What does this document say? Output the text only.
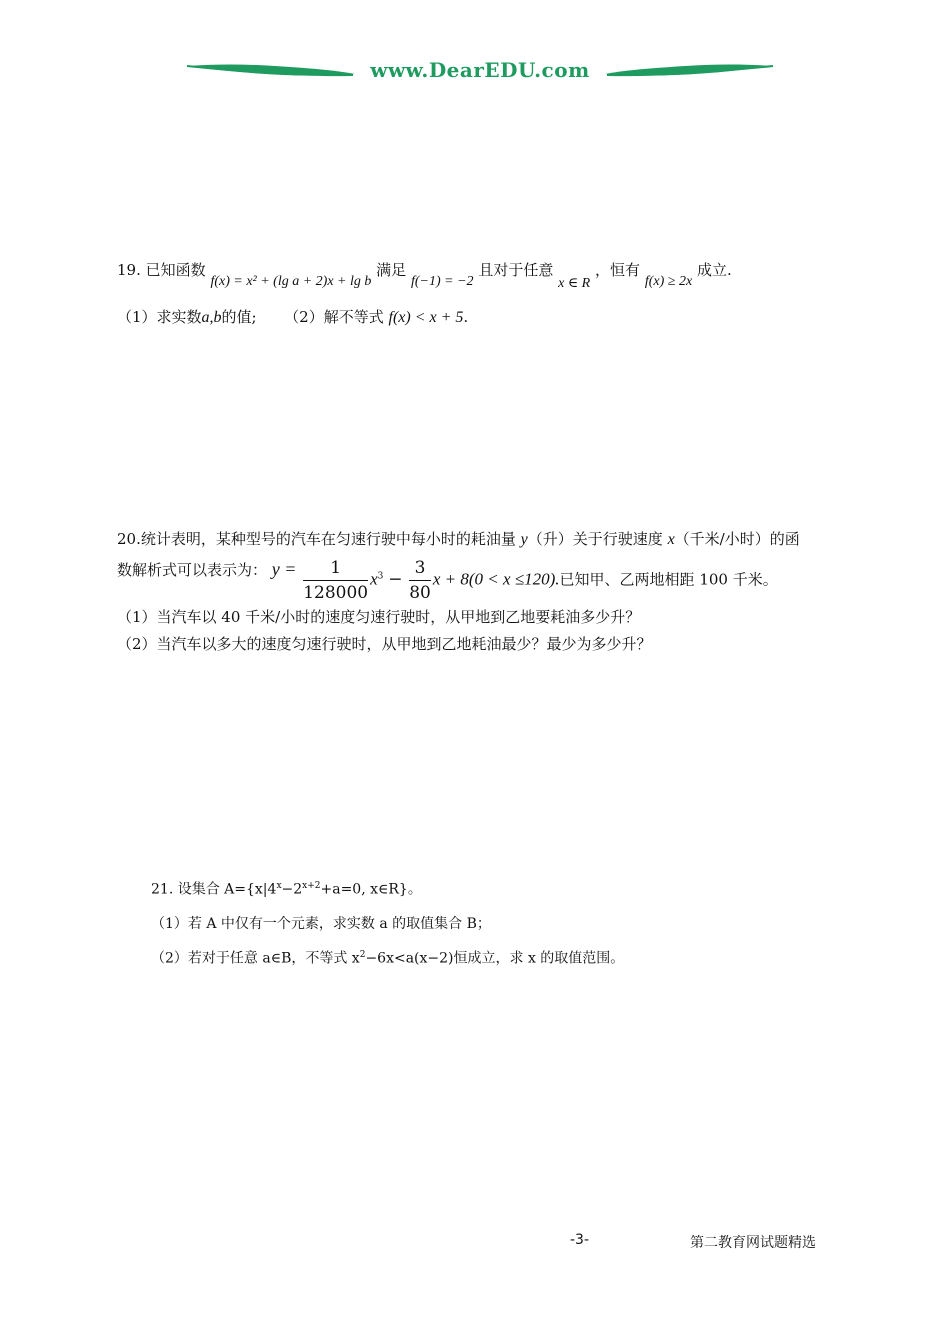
www.DearEDU.com
19. 已知函数 f(x) = x² + (lg a + 2)x + lg b 满足 f(−1) = −2 且对于任意 x ∈ R ，恒有 f(x) ≥ 2x 成立.
（1）求实数a,b的值; （2）解不等式 f(x) < x + 5.
20.统计表明，某种型号的汽车在匀速行驶中每小时的耗油量 y（升）关于行驶速度 x（千米/小时）的函
数解析式可以表示为： $y = \frac{1}{128000} x^3 - \frac{3}{80}$ x + 8(0 < x ≤120).已知甲、乙两地相距 100 千米。
（1）当汽车以 40 千米/小时的速度匀速行驶时，从甲地到乙地要耗油多少升？
（2）当汽车以多大的速度匀速行驶时，从甲地到乙地耗油最少？最少为多少升？
21. 设集合 $A=\{x|4^x-2^{x+2}+a=0$, x∈R}。
（1）若 A 中仅有一个元素，求实数 a 的取值集合 B；
（2）若对于任意 a∈B，不等式 $x^2-6x<a(x-2)$恒成立，求 x 的取值范围。
-3-	第二教育网试题精选
